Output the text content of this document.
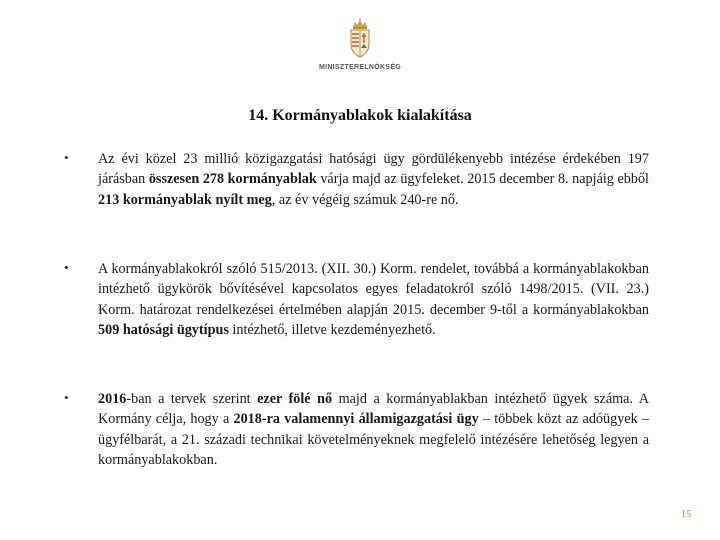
MINISZTERELNÖKSÉG
14. Kormányablakok kialakítása
• Az évi közel 23 millió közigazgatási hatósági ügy gördülékenyebb intézése érdekében 197 járásban összesen 278 kormányablak várja majd az ügyfeleket. 2015 december 8. napjáig ebből 213 kormányablak nyílt meg, az év végéig számuk 240-re nő.
• A kormányablakokról szóló 515/2013. (XII. 30.) Korm. rendelet, továbbá a kormányablakokban intézhető ügykörök bővítésével kapcsolatos egyes feladatokról szóló 1498/2015. (VII. 23.) Korm. határozat rendelkezései értelmében alapján 2015. december 9-től a kormányablakokban 509 hatósági ügytípus intézhető, illetve kezdeményezhető.
• 2016-ban a tervek szerint ezer fölé nő majd a kormányablakban intézhető ügyek száma. A Kormány célja, hogy a 2018-ra valamennyi államigazgatási ügy – többek közt az adóügyek – ügyfélbarát, a 21. századi technikai követelményeknek megfelelő intézésére lehetőség legyen a kormányablakokban.
15
